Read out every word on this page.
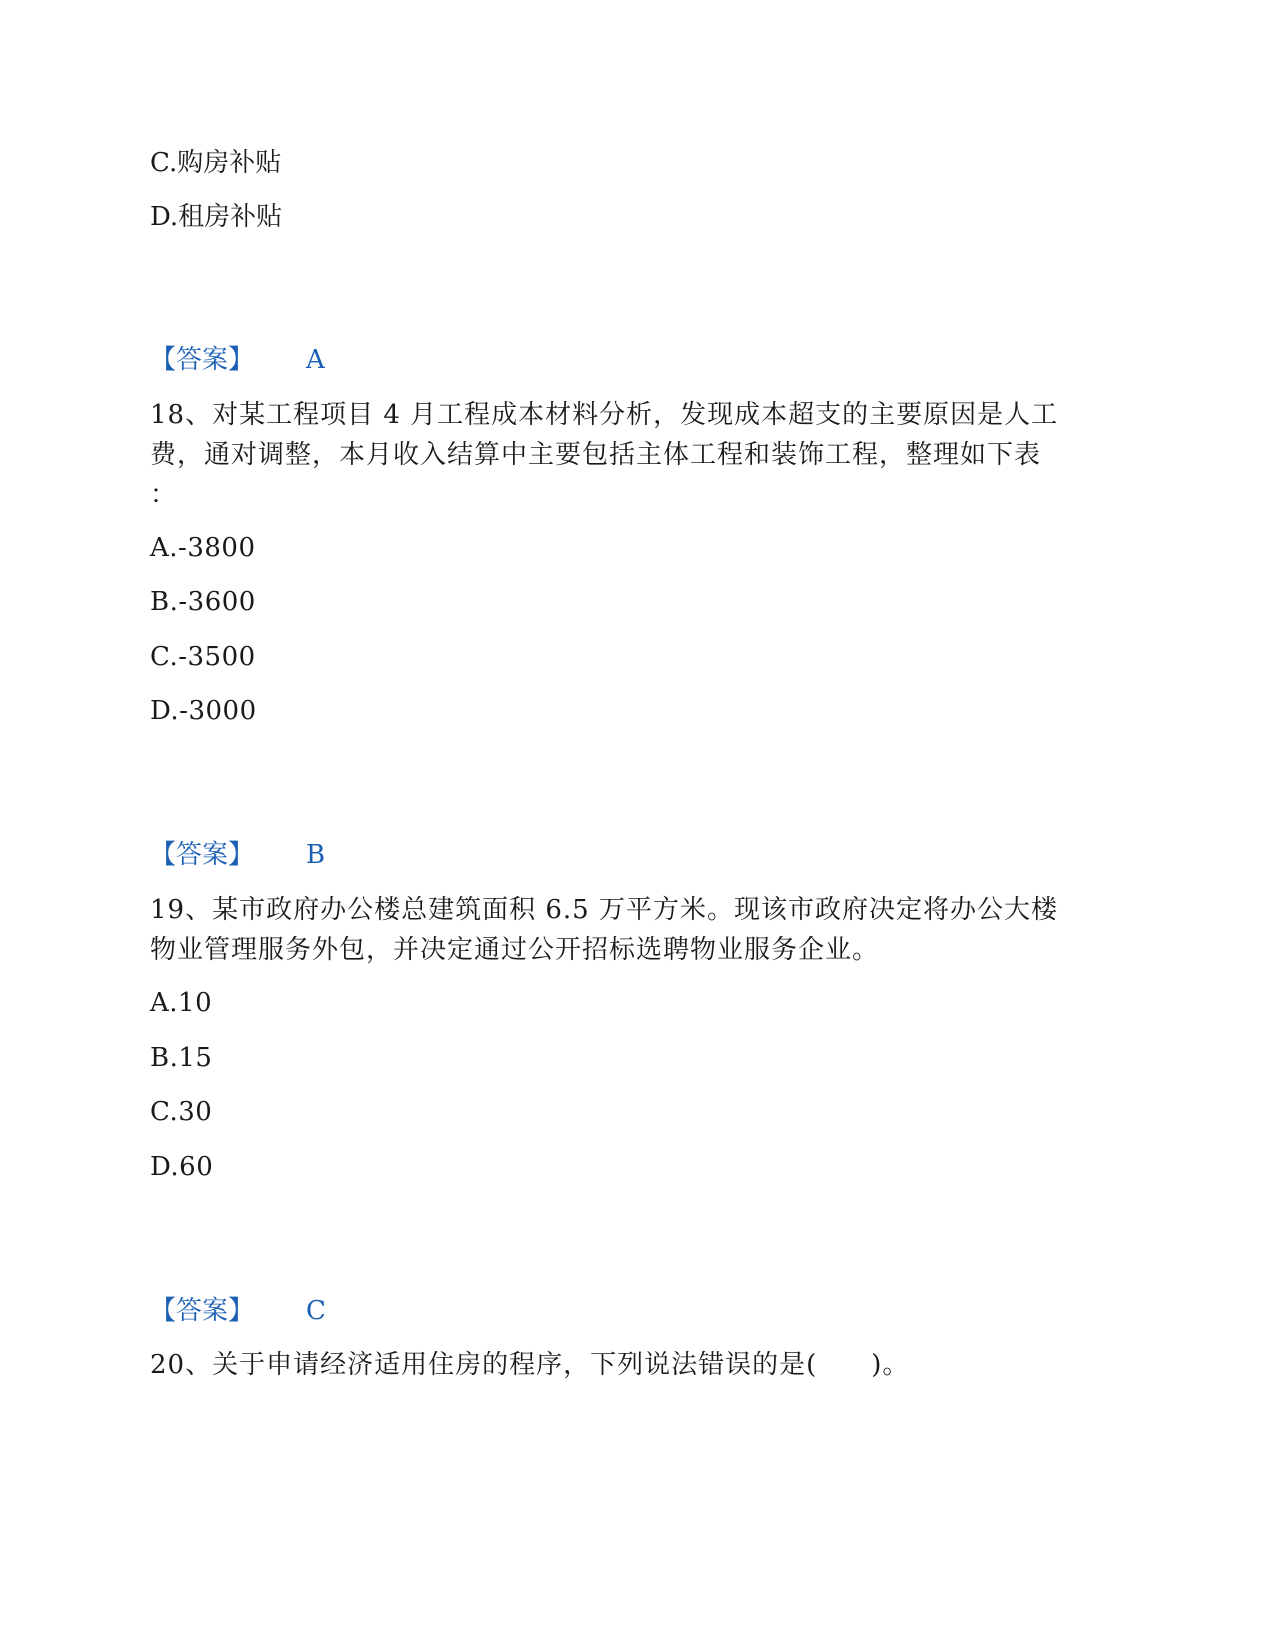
C.购房补贴
D.租房补贴
【答案】 A
18、对某工程项目 4 月工程成本材料分析，发现成本超支的主要原因是人工
费，通对调整，本月收入结算中主要包括主体工程和装饰工程，整理如下表
：
A.-3800
B.-3600
C.-3500
D.-3000
【答案】 B
19、某市政府办公楼总建筑面积 6.5 万平方米。现该市政府决定将办公大楼
物业管理服务外包，并决定通过公开招标选聘物业服务企业。
A.10
B.15
C.30
D.60
【答案】 C
20、关于申请经济适用住房的程序，下列说法错误的是(　　)。
